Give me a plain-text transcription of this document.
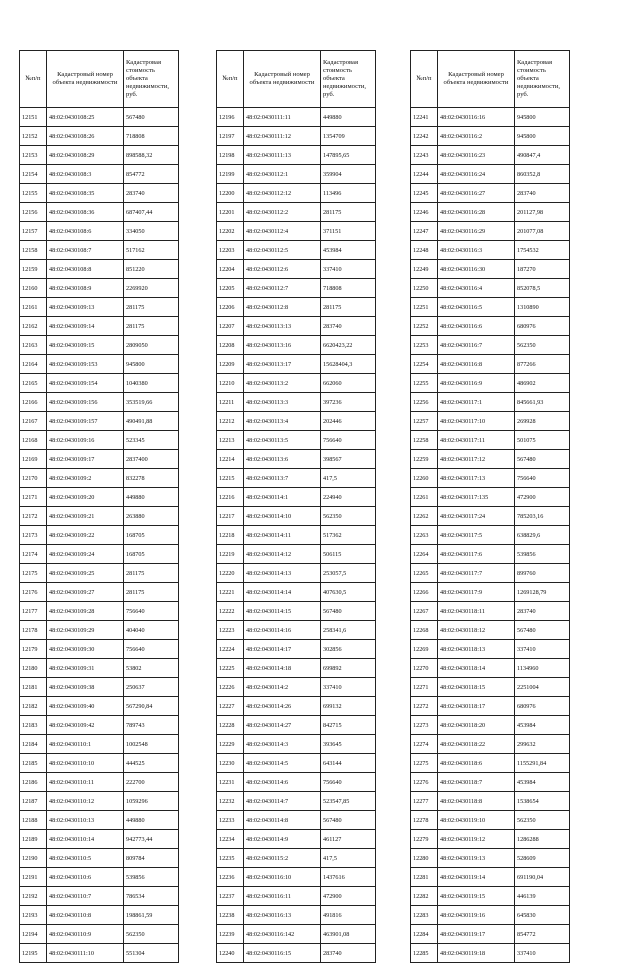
№п/п	Кадастровый номер объекта недвижимости	Кадастровая стоимость объекта недвижимости, руб.
12151	48:02:0430108:25	567480
12152	48:02:0430108:26	718808
12153	48:02:0430108:29	898588,32
12154	48:02:0430108:3	854772
12155	48:02:0430108:35	283740
12156	48:02:0430108:36	687407,44
12157	48:02:0430108:6	334050
12158	48:02:0430108:7	517162
12159	48:02:0430108:8	851220
12160	48:02:0430108:9	2269920
12161	48:02:0430109:13	281175
12162	48:02:0430109:14	281175
12163	48:02:0430109:15	2809050
12164	48:02:0430109:153	945800
12165	48:02:0430109:154	1040380
12166	48:02:0430109:156	353519,66
12167	48:02:0430109:157	490491,88
12168	48:02:0430109:16	523345
12169	48:02:0430109:17	2837400
12170	48:02:0430109:2	832278
12171	48:02:0430109:20	449880
12172	48:02:0430109:21	263880
12173	48:02:0430109:22	168705
12174	48:02:0430109:24	168705
12175	48:02:0430109:25	281175
12176	48:02:0430109:27	281175
12177	48:02:0430109:28	756640
12178	48:02:0430109:29	404040
12179	48:02:0430109:30	756640
12180	48:02:0430109:31	53802
12181	48:02:0430109:38	250637
12182	48:02:0430109:40	567290,84
12183	48:02:0430109:42	789743
12184	48:02:0430110:1	1002548
12185	48:02:0430110:10	444525
12186	48:02:0430110:11	222700
12187	48:02:0430110:12	1059296
12188	48:02:0430110:13	449880
12189	48:02:0430110:14	942773,44
12190	48:02:0430110:5	809784
12191	48:02:0430110:6	539856
12192	48:02:0430110:7	786534
12193	48:02:0430110:8	198861,59
12194	48:02:0430110:9	562350
12195	48:02:0430111:10	551304
№п/п	Кадастровый номер объекта недвижимости	Кадастровая стоимость объекта недвижимости, руб.
12196	48:02:0430111:11	449880
12197	48:02:0430111:12	1354709
12198	48:02:0430111:13	147895,65
12199	48:02:0430112:1	359904
12200	48:02:0430112:12	113496
12201	48:02:0430112:2	281175
12202	48:02:0430112:4	371151
12203	48:02:0430112:5	453984
12204	48:02:0430112:6	337410
12205	48:02:0430112:7	718808
12206	48:02:0430112:8	281175
12207	48:02:0430113:13	283740
12208	48:02:0430113:16	6620423,22
12209	48:02:0430113:17	15628404,3
12210	48:02:0430113:2	662060
12211	48:02:0430113:3	397236
12212	48:02:0430113:4	202446
12213	48:02:0430113:5	756640
12214	48:02:0430113:6	398567
12215	48:02:0430113:7	417,5
12216	48:02:0430114:1	224940
12217	48:02:0430114:10	562350
12218	48:02:0430114:11	517362
12219	48:02:0430114:12	506115
12220	48:02:0430114:13	253057,5
12221	48:02:0430114:14	407630,5
12222	48:02:0430114:15	567480
12223	48:02:0430114:16	258341,6
12224	48:02:0430114:17	302856
12225	48:02:0430114:18	699892
12226	48:02:0430114:2	337410
12227	48:02:0430114:26	699132
12228	48:02:0430114:27	842715
12229	48:02:0430114:3	393645
12230	48:02:0430114:5	643144
12231	48:02:0430114:6	756640
12232	48:02:0430114:7	523547,85
12233	48:02:0430114:8	567480
12234	48:02:0430114:9	461127
12235	48:02:0430115:2	417,5
12236	48:02:0430116:10	1437616
12237	48:02:0430116:11	472900
12238	48:02:0430116:13	491816
12239	48:02:0430116:142	463901,08
12240	48:02:0430116:15	283740
№п/п	Кадастровый номер объекта недвижимости	Кадастровая стоимость объекта недвижимости, руб.
12241	48:02:0430116:16	945800
12242	48:02:0430116:2	945800
12243	48:02:0430116:23	490847,4
12244	48:02:0430116:24	860352,8
12245	48:02:0430116:27	283740
12246	48:02:0430116:28	201127,98
12247	48:02:0430116:29	201077,08
12248	48:02:0430116:3	1754532
12249	48:02:0430116:30	187270
12250	48:02:0430116:4	852078,5
12251	48:02:0430116:5	1310890
12252	48:02:0430116:6	680976
12253	48:02:0430116:7	562350
12254	48:02:0430116:8	877266
12255	48:02:0430116:9	486902
12256	48:02:0430117:1	845661,93
12257	48:02:0430117:10	269928
12258	48:02:0430117:11	501075
12259	48:02:0430117:12	567480
12260	48:02:0430117:13	756640
12261	48:02:0430117:135	472900
12262	48:02:0430117:24	785203,16
12263	48:02:0430117:5	638829,6
12264	48:02:0430117:6	539856
12265	48:02:0430117:7	899760
12266	48:02:0430117:9	1269128,79
12267	48:02:0430118:11	283740
12268	48:02:0430118:12	567480
12269	48:02:0430118:13	337410
12270	48:02:0430118:14	1134960
12271	48:02:0430118:15	2251004
12272	48:02:0430118:17	680976
12273	48:02:0430118:20	453984
12274	48:02:0430118:22	299632
12275	48:02:0430118:6	1155291,84
12276	48:02:0430118:7	453984
12277	48:02:0430118:8	1538654
12278	48:02:0430119:10	562350
12279	48:02:0430119:12	1286288
12280	48:02:0430119:13	528609
12281	48:02:0430119:14	691190,04
12282	48:02:0430119:15	446139
12283	48:02:0430119:16	645830
12284	48:02:0430119:17	854772
12285	48:02:0430119:18	337410
